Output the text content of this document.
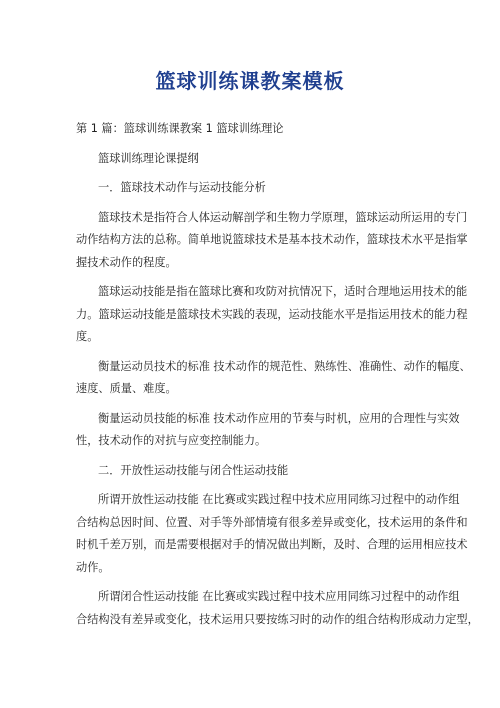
篮球训练课教案模板
第 1 篇：篮球训练课教案 1 篮球训练理论
篮球训练理论课提纲
一．篮球技术动作与运动技能分析
篮球技术是指符合人体运动解剖学和生物力学原理，篮球运动所运用的专门
动作结构方法的总称。简单地说篮球技术是基本技术动作，篮球技术水平是指掌
握技术动作的程度。
篮球运动技能是指在篮球比赛和攻防对抗情况下，适时合理地运用技术的能
力。篮球运动技能是篮球技术实践的表现，运动技能水平是指运用技术的能力程
度。
衡量运动员技术的标准 技术动作的规范性、熟练性、准确性、动作的幅度、
速度、质量、难度。
衡量运动员技能的标准 技术动作应用的节奏与时机，应用的合理性与实效
性，技术动作的对抗与应变控制能力。
二．开放性运动技能与闭合性运动技能
所谓开放性运动技能 在比赛或实践过程中技术应用同练习过程中的动作组
合结构总因时间、位置、对手等外部情境有很多差异或变化，技术运用的条件和
时机千差万别，而是需要根据对手的情况做出判断，及时、合理的运用相应技术
动作。
所谓闭合性运动技能 在比赛或实践过程中技术应用同练习过程中的动作组
合结构没有差异或变化，技术运用只要按练习时的动作的组合结构形成动力定型，
